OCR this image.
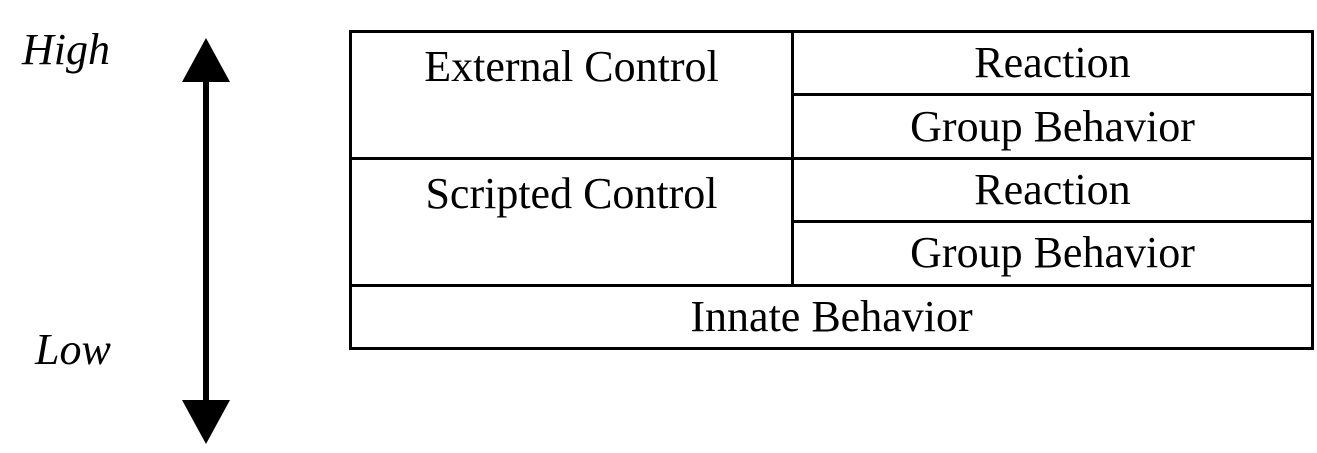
High
Low
External Control	Reaction
	Group Behavior
Scripted Control	Reaction
	Group Behavior
Innate Behavior	
